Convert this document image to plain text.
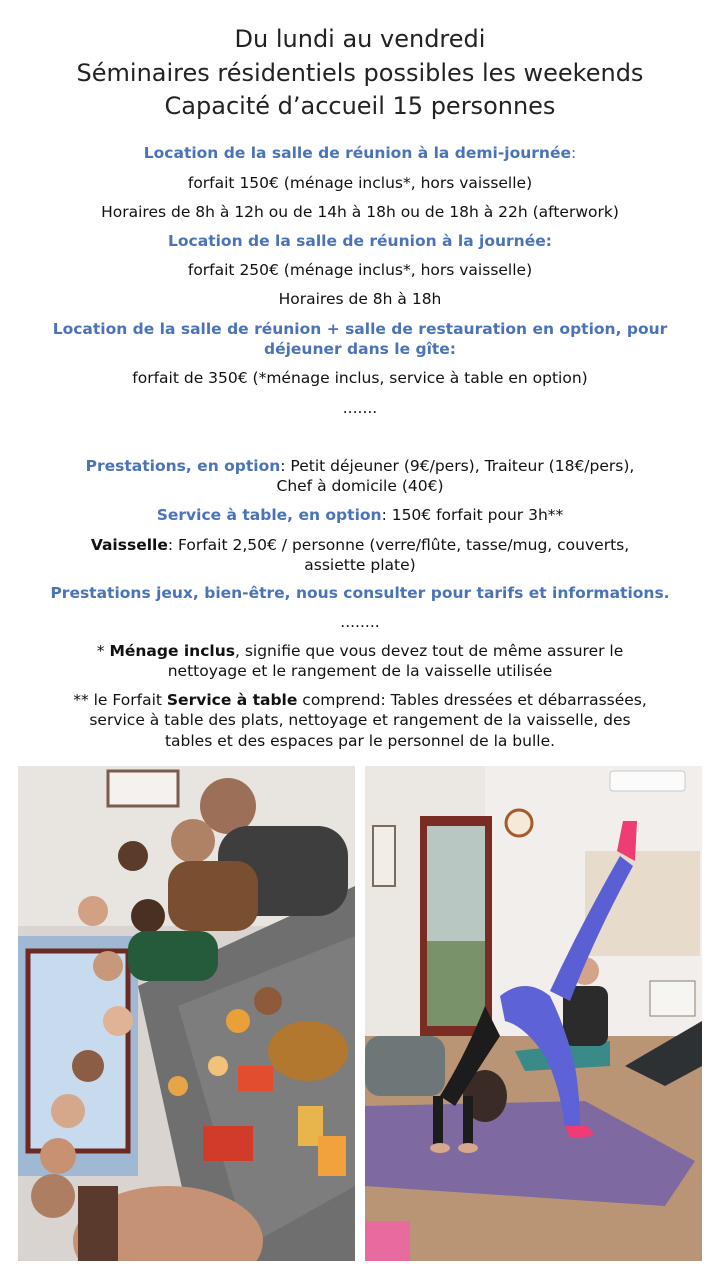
Du lundi au vendredi
Séminaires résidentiels possibles les weekends
Capacité d’accueil 15 personnes
Location de la salle de réunion à la demi-journée:
forfait 150€ (ménage inclus*, hors vaisselle)
Horaires de 8h à 12h ou de 14h à 18h ou de 18h à 22h (afterwork)
Location de la salle de réunion à la journée:
forfait 250€ (ménage inclus*, hors vaisselle)
Horaires de 8h à 18h
Location de la salle de réunion + salle de restauration en option, pour
déjeuner dans le gîte:
forfait de 350€ (*ménage inclus, service à table en option)
.......
Prestations, en option: Petit déjeuner (9€/pers), Traiteur (18€/pers),
Chef à domicile (40€)
Service à table, en option: 150€ forfait pour 3h**
Vaisselle: Forfait 2,50€ / personne (verre/flûte, tasse/mug, couverts,
assiette plate)
Prestations jeux, bien-être, nous consulter pour tarifs et informations.
........
* Ménage inclus, signifie que vous devez tout de même assurer le
nettoyage et le rangement de la vaisselle utilisée
** le Forfait Service à table comprend: Tables dressées et débarrassées,
service à table des plats, nettoyage et rangement de la vaisselle, des
tables et des espaces par le personnel de la bulle.
